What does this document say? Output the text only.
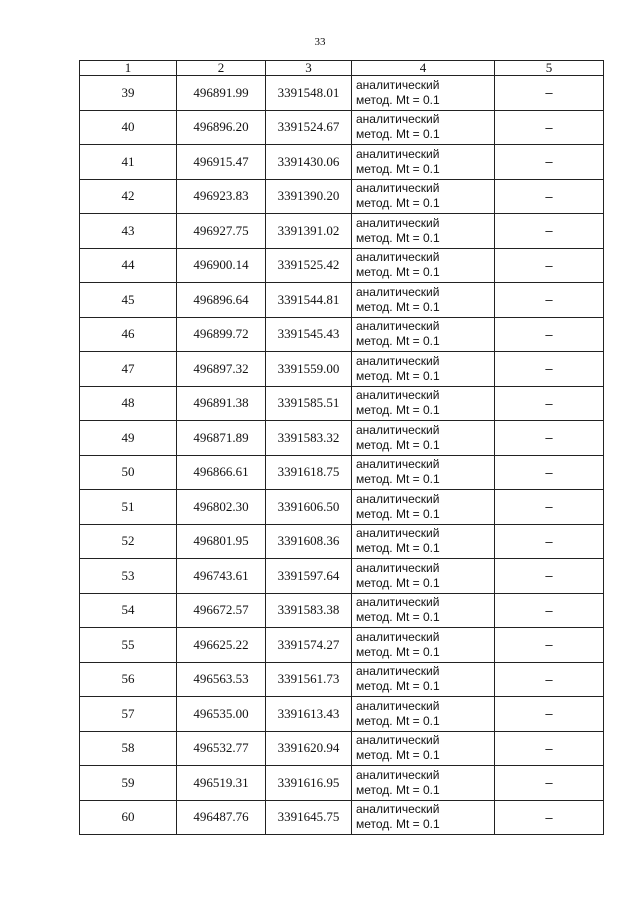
33
1	2	3	4	5
39	496891.99	3391548.01	аналитический
метод. Mt = 0.1	–
40	496896.20	3391524.67	аналитический
метод. Mt = 0.1	–
41	496915.47	3391430.06	аналитический
метод. Mt = 0.1	–
42	496923.83	3391390.20	аналитический
метод. Mt = 0.1	–
43	496927.75	3391391.02	аналитический
метод. Mt = 0.1	–
44	496900.14	3391525.42	аналитический
метод. Mt = 0.1	–
45	496896.64	3391544.81	аналитический
метод. Mt = 0.1	–
46	496899.72	3391545.43	аналитический
метод. Mt = 0.1	–
47	496897.32	3391559.00	аналитический
метод. Mt = 0.1	–
48	496891.38	3391585.51	аналитический
метод. Mt = 0.1	–
49	496871.89	3391583.32	аналитический
метод. Mt = 0.1	–
50	496866.61	3391618.75	аналитический
метод. Mt = 0.1	–
51	496802.30	3391606.50	аналитический
метод. Mt = 0.1	–
52	496801.95	3391608.36	аналитический
метод. Mt = 0.1	–
53	496743.61	3391597.64	аналитический
метод. Mt = 0.1	–
54	496672.57	3391583.38	аналитический
метод. Mt = 0.1	–
55	496625.22	3391574.27	аналитический
метод. Mt = 0.1	–
56	496563.53	3391561.73	аналитический
метод. Mt = 0.1	–
57	496535.00	3391613.43	аналитический
метод. Mt = 0.1	–
58	496532.77	3391620.94	аналитический
метод. Mt = 0.1	–
59	496519.31	3391616.95	аналитический
метод. Mt = 0.1	–
60	496487.76	3391645.75	аналитический
метод. Mt = 0.1	–
